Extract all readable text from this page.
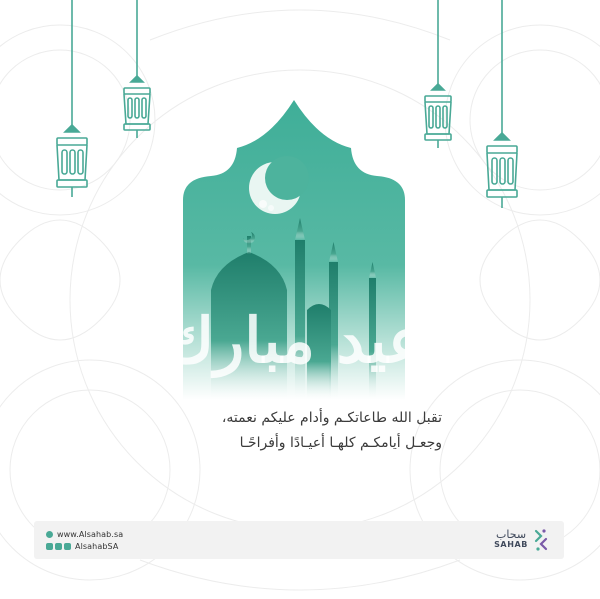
عيد مبارك
تقبل الله طاعاتكـم وأدام عليكم نعمته،
وجعـل أيامكـم كلهـا أعيـادًا وأفراحًـا
www.Alsahab.sa
AlsahabSA
سحاب
SAHAB
